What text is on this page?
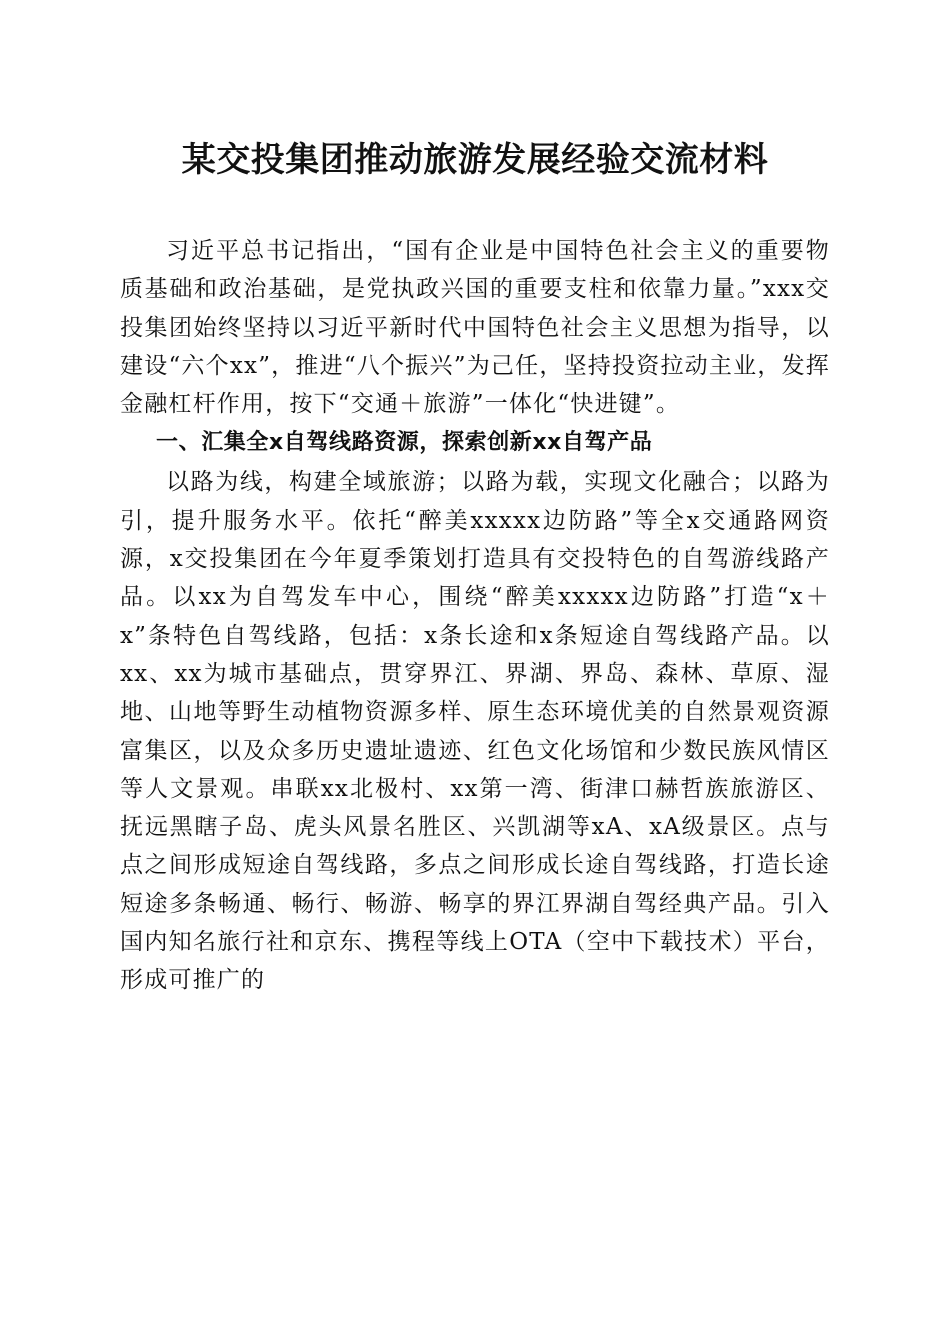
某交投集团推动旅游发展经验交流材料

习近平总书记指出，“国有企业是中国特色社会主义的重要物质基础和政治基础，是党执政兴国的重要支柱和依靠力量。”xxx交投集团始终坚持以习近平新时代中国特色社会主义思想为指导，以建设“六个xx”，推进“八个振兴”为己任，坚持投资拉动主业，发挥金融杠杆作用，按下“交通＋旅游”一体化“快进键”。

一、汇集全x自驾线路资源，探索创新xx自驾产品

以路为线，构建全域旅游；以路为载，实现文化融合；以路为引，提升服务水平。依托“醉美xxxxx边防路”等全x交通路网资源，x交投集团在今年夏季策划打造具有交投特色的自驾游线路产品。以xx为自驾发车中心，围绕“醉美xxxxx边防路”打造“x＋x”条特色自驾线路，包括：x条长途和x条短途自驾线路产品。以xx、xx为城市基础点，贯穿界江、界湖、界岛、森林、草原、湿地、山地等野生动植物资源多样、原生态环境优美的自然景观资源富集区，以及众多历史遗址遗迹、红色文化场馆和少数民族风情区等人文景观。串联xx北极村、xx第一湾、街津口赫哲族旅游区、抚远黑瞎子岛、虎头风景名胜区、兴凯湖等xA、xA级景区。点与点之间形成短途自驾线路，多点之间形成长途自驾线路，打造长途短途多条畅通、畅行、畅游、畅享的界江界湖自驾经典产品。引入国内知名旅行社和京东、携程等线上OTA（空中下载技术）平台，形成可推广的
